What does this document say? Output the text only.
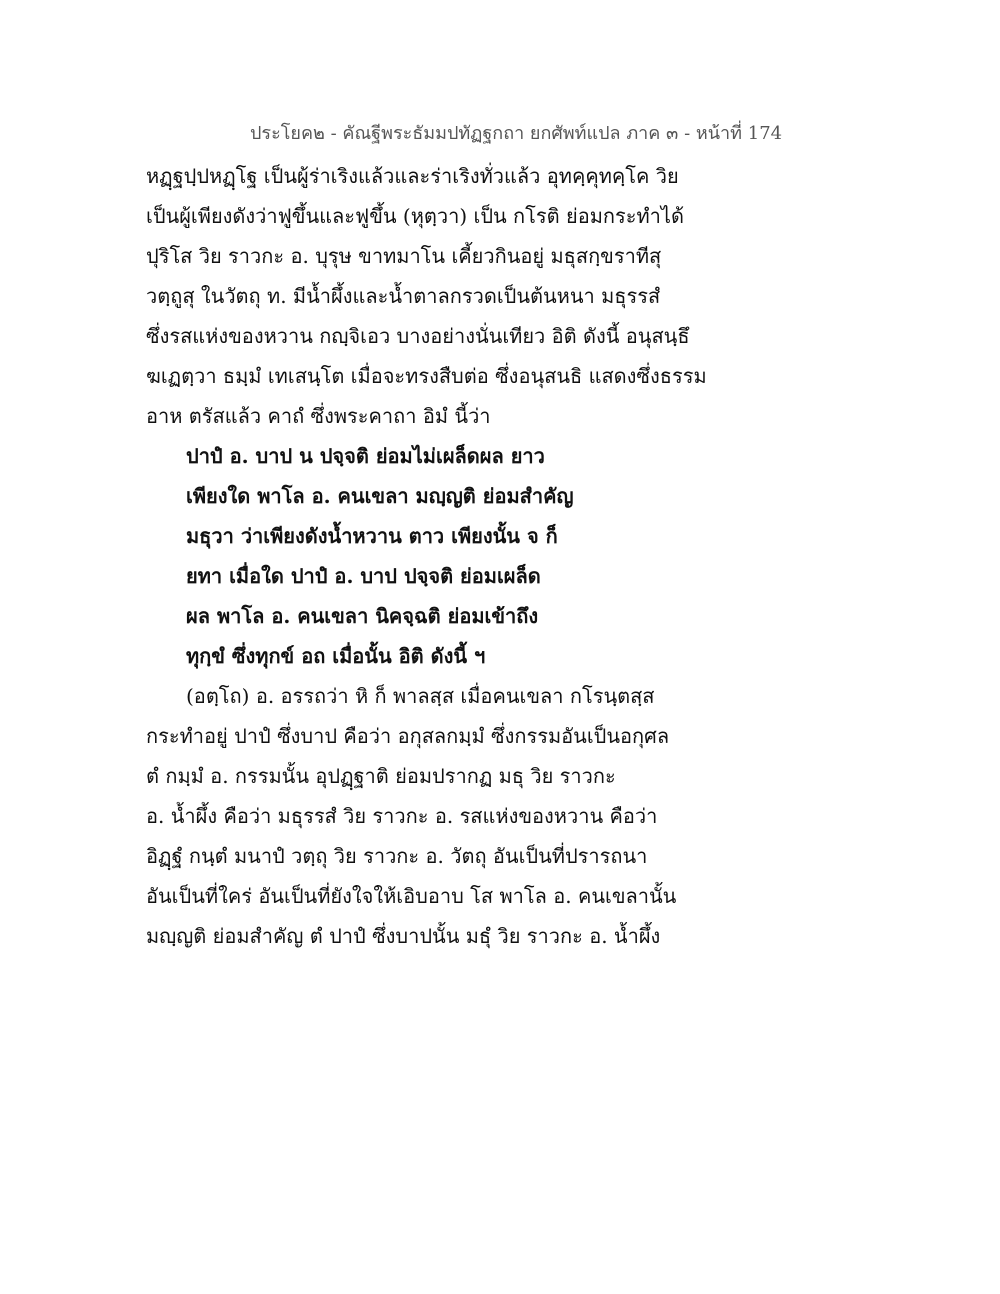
ประโยค๒ - คัณฐีพระธัมมปทัฏฐกถา ยกศัพท์แปล ภาค ๓ - หน้าที่ 174
หฏฺฐปฺปหฏฺโฐ เป็นผู้ร่าเริงแล้วและร่าเริงทั่วแล้ว อุทคฺคุทคฺโค วิย
เป็นผู้เพียงดังว่าฟูขึ้นและฟูขึ้น (หุตฺวา) เป็น กโรติ ย่อมกระทำได้
ปุริโส วิย ราวกะ อ. บุรุษ ขาทมาโน เคี้ยวกินอยู่ มธุสกฺขราทีสุ
วตฺถูสุ ในวัตถุ ท. มีน้ำผึ้งและน้ำตาลกรวดเป็นต้นหนา มธุรรสํ
ซึ่งรสแห่งของหวาน กญฺจิเอว บางอย่างนั่นเทียว อิติ ดังนี้ อนุสนฺธึ
ฆเฏตฺวา ธมฺมํ เทเสนฺโต เมื่อจะทรงสืบต่อ ซึ่งอนุสนธิ แสดงซึ่งธรรม
อาห ตรัสแล้ว คาถํ ซึ่งพระคาถา อิมํ นี้ว่า
ปาปํ อ. บาป น ปจฺจติ ย่อมไม่เผล็ดผล ยาว
เพียงใด พาโล อ. คนเขลา มญฺญติ ย่อมสำคัญ
มธุวา ว่าเพียงดังน้ำหวาน ตาว เพียงนั้น จ ก็
ยทา เมื่อใด ปาปํ อ. บาป ปจฺจติ ย่อมเผล็ด
ผล พาโล อ. คนเขลา นิคจฺฉติ ย่อมเข้าถึง
ทุกฺขํ ซึ่งทุกข์ อถ เมื่อนั้น อิติ ดังนี้ ฯ
(อตฺโถ) อ. อรรถว่า หิ ก็ พาลสฺส เมื่อคนเขลา กโรนฺตสฺส
กระทำอยู่ ปาปํ ซึ่งบาป คือว่า อกุสลกมฺมํ ซึ่งกรรมอันเป็นอกุศล
ตํ กมฺมํ อ. กรรมนั้น อุปฏฺฐาติ ย่อมปรากฏ มธุ วิย ราวกะ
อ. น้ำผึ้ง คือว่า มธุรรสํ วิย ราวกะ อ. รสแห่งของหวาน คือว่า
อิฏฺฐํ กนฺตํ มนาปํ วตฺถุ วิย ราวกะ อ. วัตถุ อันเป็นที่ปรารถนา
อันเป็นที่ใคร่ อันเป็นที่ยังใจให้เอิบอาบ โส พาโล อ. คนเขลานั้น
มญฺญติ ย่อมสำคัญ ตํ ปาปํ ซึ่งบาปนั้น มธุํ วิย ราวกะ อ. น้ำผึ้ง
